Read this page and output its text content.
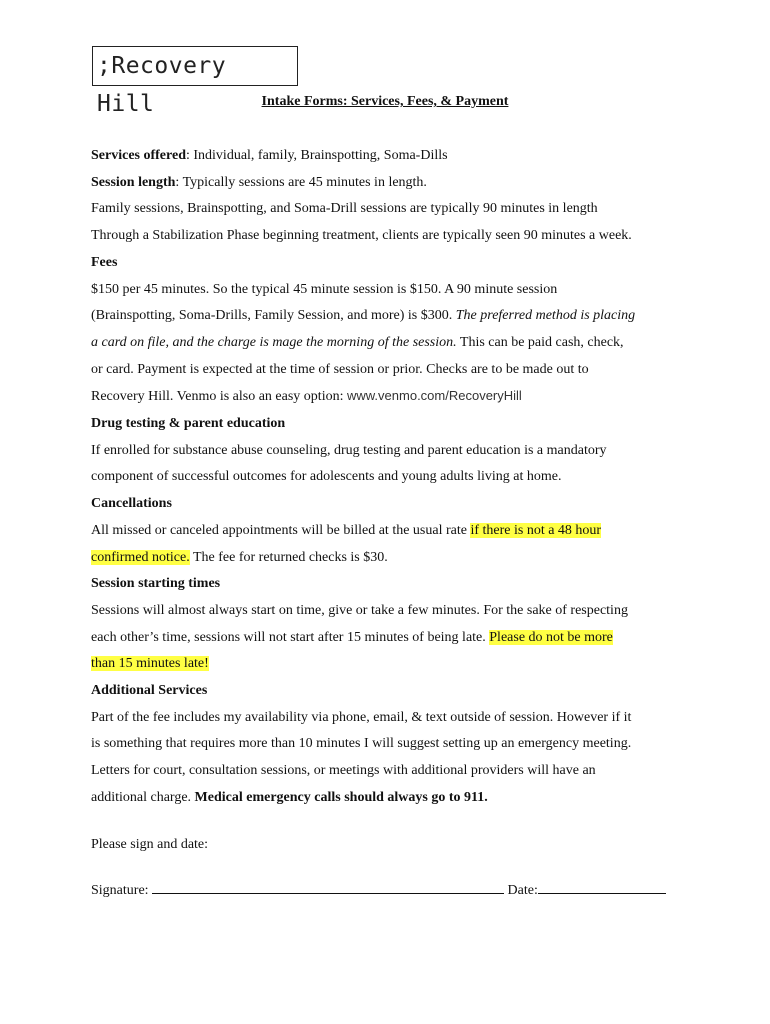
;Recovery Hill	Intake Forms: Services, Fees, & Payment
Services offered: Individual, family, Brainspotting, Soma-Dills
Session length: Typically sessions are 45 minutes in length.
Family sessions, Brainspotting, and Soma-Drill sessions are typically 90 minutes in length
Through a Stabilization Phase beginning treatment, clients are typically seen 90 minutes a week.
Fees
$150 per 45 minutes. So the typical 45 minute session is $150. A 90 minute session
(Brainspotting, Soma-Drills, Family Session, and more) is $300. The preferred method is placing
a card on file, and the charge is mage the morning of the session. This can be paid cash, check,
or card. Payment is expected at the time of session or prior. Checks are to be made out to
Recovery Hill. Venmo is also an easy option: www.venmo.com/RecoveryHill
Drug testing & parent education
If enrolled for substance abuse counseling, drug testing and parent education is a mandatory
component of successful outcomes for adolescents and young adults living at home.
Cancellations
All missed or canceled appointments will be billed at the usual rate if there is not a 48 hour
confirmed notice. The fee for returned checks is $30.
Session starting times
Sessions will almost always start on time, give or take a few minutes. For the sake of respecting
each other’s time, sessions will not start after 15 minutes of being late. Please do not be more
than 15 minutes late!
Additional Services
Part of the fee includes my availability via phone, email, & text outside of session. However if it
is something that requires more than 10 minutes I will suggest setting up an emergency meeting.
Letters for court, consultation sessions, or meetings with additional providers will have an
additional charge. Medical emergency calls should always go to 911.
Please sign and date:
Signature:	Date:
